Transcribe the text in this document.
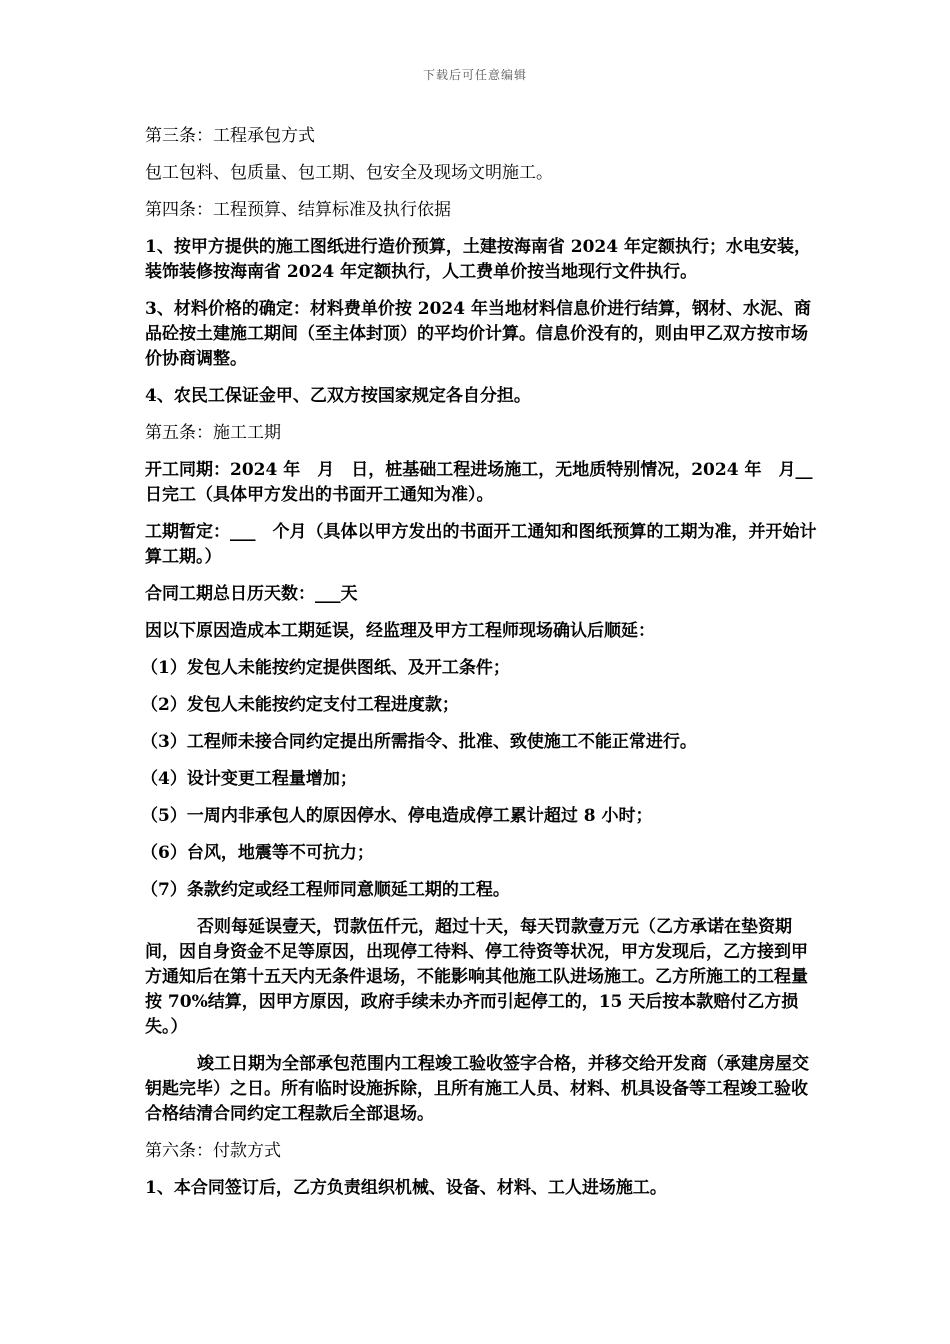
下载后可任意编辑

第三条：工程承包方式

包工包料、包质量、包工期、包安全及现场文明施工。

第四条：工程预算、结算标准及执行依据

1、按甲方提供的施工图纸进行造价预算，土建按海南省 2024 年定额执行；水电安装，装饰装修按海南省 2024 年定额执行，人工费单价按当地现行文件执行。

3、材料价格的确定：材料费单价按 2024 年当地材料信息价进行结算，钢材、水泥、商品砼按土建施工期间（至主体封顶）的平均价计算。信息价没有的，则由甲乙双方按市场价协商调整。

4、农民工保证金甲、乙双方按国家规定各自分担。

第五条：施工工期

开工同期：2024 年　月　日，桩基础工程进场施工，无地质特别情况，2024 年　月__日完工（具体甲方发出的书面开工通知为准）。

工期暂定：___　个月（具体以甲方发出的书面开工通知和图纸预算的工期为准，并开始计算工期。）

合同工期总日历天数：___天

因以下原因造成本工期延误，经监理及甲方工程师现场确认后顺延：

（1）发包人未能按约定提供图纸、及开工条件；

（2）发包人未能按约定支付工程进度款；

（3）工程师未接合同约定提出所需指令、批准、致使施工不能正常进行。

（4）设计变更工程量增加；

（5）一周内非承包人的原因停水、停电造成停工累计超过 8 小时；

（6）台风，地震等不可抗力；

（7）条款约定或经工程师同意顺延工期的工程。

否则每延误壹天，罚款伍仟元，超过十天，每天罚款壹万元（乙方承诺在垫资期间，因自身资金不足等原因，出现停工待料、停工待资等状况，甲方发现后，乙方接到甲方通知后在第十五天内无条件退场，不能影响其他施工队进场施工。乙方所施工的工程量按 70%结算，因甲方原因，政府手续未办齐而引起停工的，15 天后按本款赔付乙方损失。）

竣工日期为全部承包范围内工程竣工验收签字合格，并移交给开发商（承建房屋交钥匙完毕）之日。所有临时设施拆除，且所有施工人员、材料、机具设备等工程竣工验收合格结清合同约定工程款后全部退场。

第六条：付款方式

1、本合同签订后，乙方负责组织机械、设备、材料、工人进场施工。
